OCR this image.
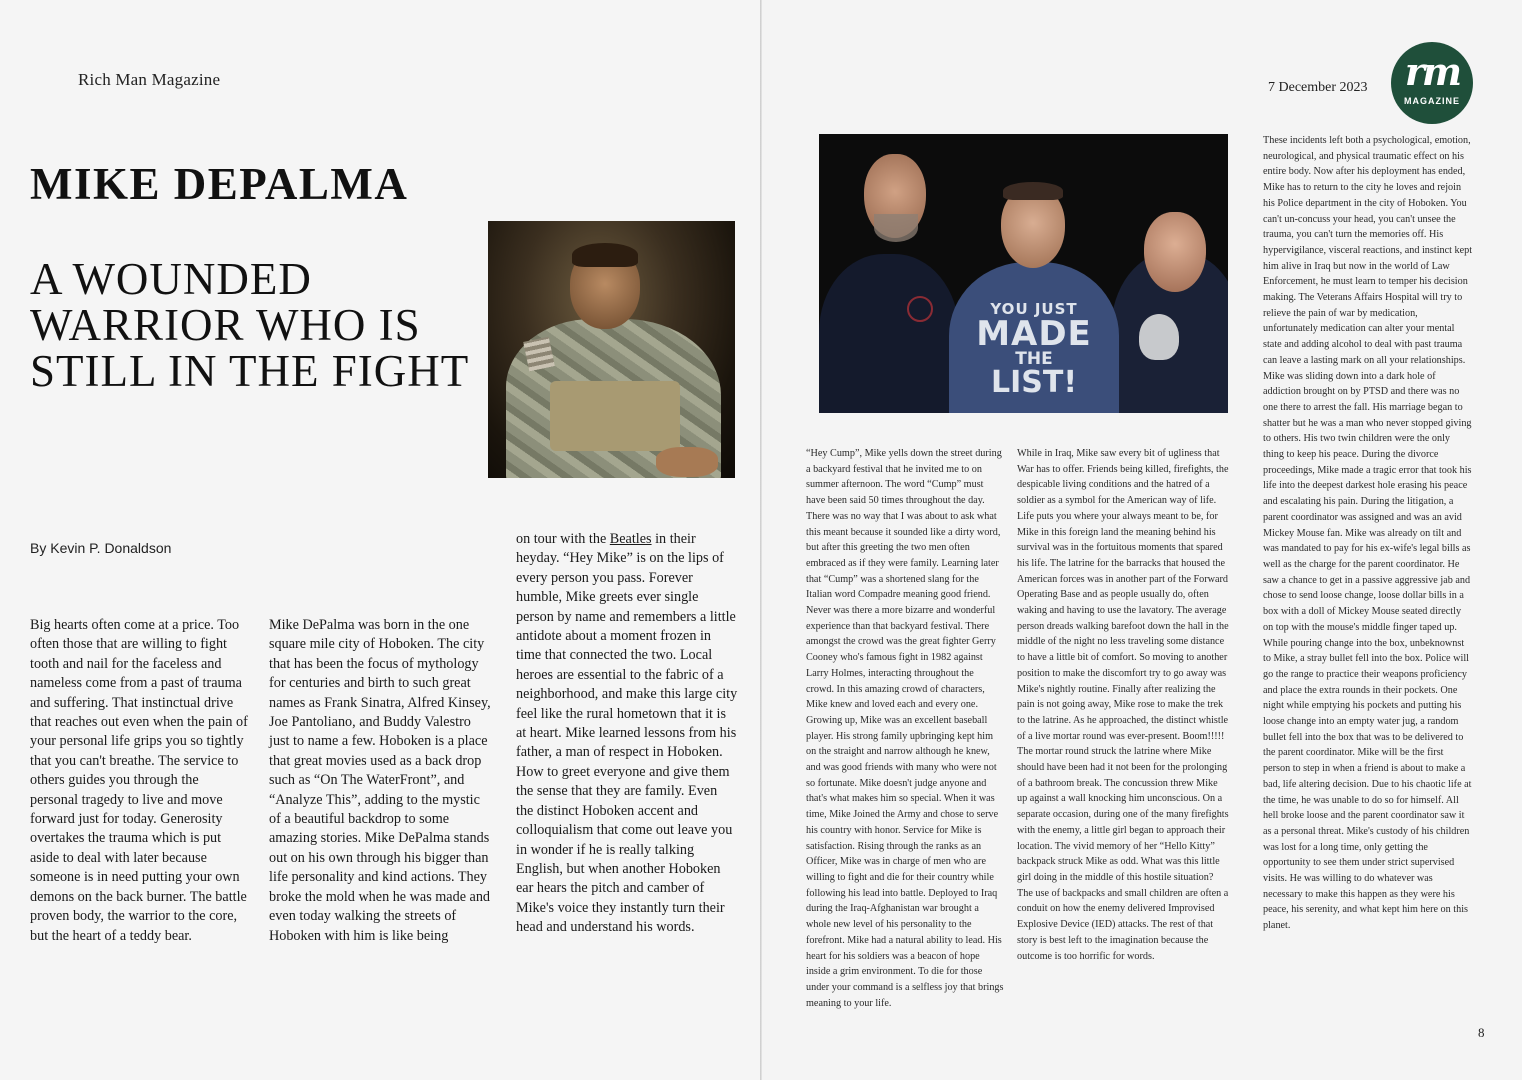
Rich Man Magazine
MIKE DEPALMA
A WOUNDED WARRIOR WHO IS STILL IN THE FIGHT
By Kevin P. Donaldson
Big hearts often come at a price. Too often those that are willing to fight tooth and nail for the faceless and nameless come from a past of trauma and suffering. That instinctual drive that reaches out even when the pain of your personal life grips you so tightly that you can't breathe. The service to others guides you through the personal tragedy to live and move forward just for today. Generosity overtakes the trauma which is put aside to deal with later because someone is in need putting your own demons on the back burner. The battle proven body, the warrior to the core, but the heart of a teddy bear.
Mike DePalma was born in the one square mile city of Hoboken. The city that has been the focus of mythology for centuries and birth to such great names as Frank Sinatra, Alfred Kinsey, Joe Pantoliano, and Buddy Valestro just to name a few. Hoboken is a place that great movies used as a back drop such as “On The WaterFront”, and “Analyze This”, adding to the mystic of a beautiful backdrop to some amazing stories. Mike DePalma stands out on his own through his bigger than life personality and kind actions. They broke the mold when he was made and even today walking the streets of Hoboken with him is like being
on tour with the Beatles in their heyday. “Hey Mike” is on the lips of every person you pass. Forever humble, Mike greets ever single person by name and remembers a little antidote about a moment frozen in time that connected the two. Local heroes are essential to the fabric of a neighborhood, and make this large city feel like the rural hometown that it is at heart. Mike learned lessons from his father, a man of respect in Hoboken. How to greet everyone and give them the sense that they are family. Even the distinct Hoboken accent and colloquialism that come out leave you in wonder if he is really talking English, but when another Hoboken ear hears the pitch and camber of Mike's voice they instantly turn their head and understand his words.
7 December 2023 rm
MAGAZINE
YOU JUST
MADE
THE
LIST!
“Hey Cump”, Mike yells down the street during a backyard festival that he invited me to on summer afternoon. The word “Cump” must have been said 50 times throughout the day. There was no way that I was about to ask what this meant because it sounded like a dirty word, but after this greeting the two men often embraced as if they were family. Learning later that “Cump” was a shortened slang for the Italian word Compadre meaning good friend. Never was there a more bizarre and wonderful experience than that backyard festival. There amongst the crowd was the great fighter Gerry Cooney who's famous fight in 1982 against Larry Holmes, interacting throughout the crowd. In this amazing crowd of characters, Mike knew and loved each and every one. Growing up, Mike was an excellent baseball player. His strong family upbringing kept him on the straight and narrow although he knew, and was good friends with many who were not so fortunate. Mike doesn't judge anyone and that's what makes him so special. When it was time, Mike Joined the Army and chose to serve his country with honor. Service for Mike is satisfaction. Rising through the ranks as an Officer, Mike was in charge of men who are willing to fight and die for their country while following his lead into battle. Deployed to Iraq during the Iraq-Afghanistan war brought a whole new level of his personality to the forefront. Mike had a natural ability to lead. His heart for his soldiers was a beacon of hope inside a grim environment. To die for those under your command is a selfless joy that brings meaning to your life.
While in Iraq, Mike saw every bit of ugliness that War has to offer. Friends being killed, firefights, the despicable living conditions and the hatred of a soldier as a symbol for the American way of life. Life puts you where your always meant to be, for Mike in this foreign land the meaning behind his survival was in the fortuitous moments that spared his life. The latrine for the barracks that housed the American forces was in another part of the Forward Operating Base and as people usually do, often waking and having to use the lavatory. The average person dreads walking barefoot down the hall in the middle of the night no less traveling some distance to have a little bit of comfort. So moving to another position to make the discomfort try to go away was Mike's nightly routine. Finally after realizing the pain is not going away, Mike rose to make the trek to the latrine. As he approached, the distinct whistle of a live mortar round was ever-present. Boom!!!!! The mortar round struck the latrine where Mike should have been had it not been for the prolonging of a bathroom break. The concussion threw Mike up against a wall knocking him unconscious. On a separate occasion, during one of the many firefights with the enemy, a little girl began to approach their location. The vivid memory of her “Hello Kitty” backpack struck Mike as odd. What was this little girl doing in the middle of this hostile situation? The use of backpacks and small children are often a conduit on how the enemy delivered Improvised Explosive Device (IED) attacks. The rest of that story is best left to the imagination because the outcome is too horrific for words.
These incidents left both a psychological, emotion, neurological, and physical traumatic effect on his entire body. Now after his deployment has ended, Mike has to return to the city he loves and rejoin his Police department in the city of Hoboken. You can't un-concuss your head, you can't unsee the trauma, you can't turn the memories off. His hypervigilance, visceral reactions, and instinct kept him alive in Iraq but now in the world of Law Enforcement, he must learn to temper his decision making. The Veterans Affairs Hospital will try to relieve the pain of war by medication, unfortunately medication can alter your mental state and adding alcohol to deal with past trauma can leave a lasting mark on all your relationships. Mike was sliding down into a dark hole of addiction brought on by PTSD and there was no one there to arrest the fall. His marriage began to shatter but he was a man who never stopped giving to others. His two twin children were the only thing to keep his peace. During the divorce proceedings, Mike made a tragic error that took his life into the deepest darkest hole erasing his peace and escalating his pain. During the litigation, a parent coordinator was assigned and was an avid Mickey Mouse fan. Mike was already on tilt and was mandated to pay for his ex-wife's legal bills as well as the charge for the parent coordinator. He saw a chance to get in a passive aggressive jab and chose to send loose change, loose dollar bills in a box with a doll of Mickey Mouse seated directly on top with the mouse's middle finger taped up. While pouring change into the box, unbeknownst to Mike, a stray bullet fell into the box. Police will go the range to practice their weapons proficiency and place the extra rounds in their pockets. One night while emptying his pockets and putting his loose change into an empty water jug, a random bullet fell into the box that was to be delivered to the parent coordinator. Mike will be the first person to step in when a friend is about to make a bad, life altering decision. Due to his chaotic life at the time, he was unable to do so for himself. All hell broke loose and the parent coordinator saw it as a personal threat. Mike's custody of his children was lost for a long time, only getting the opportunity to see them under strict supervised visits. He was willing to do whatever was necessary to make this happen as they were his peace, his serenity, and what kept him here on this planet.
8
